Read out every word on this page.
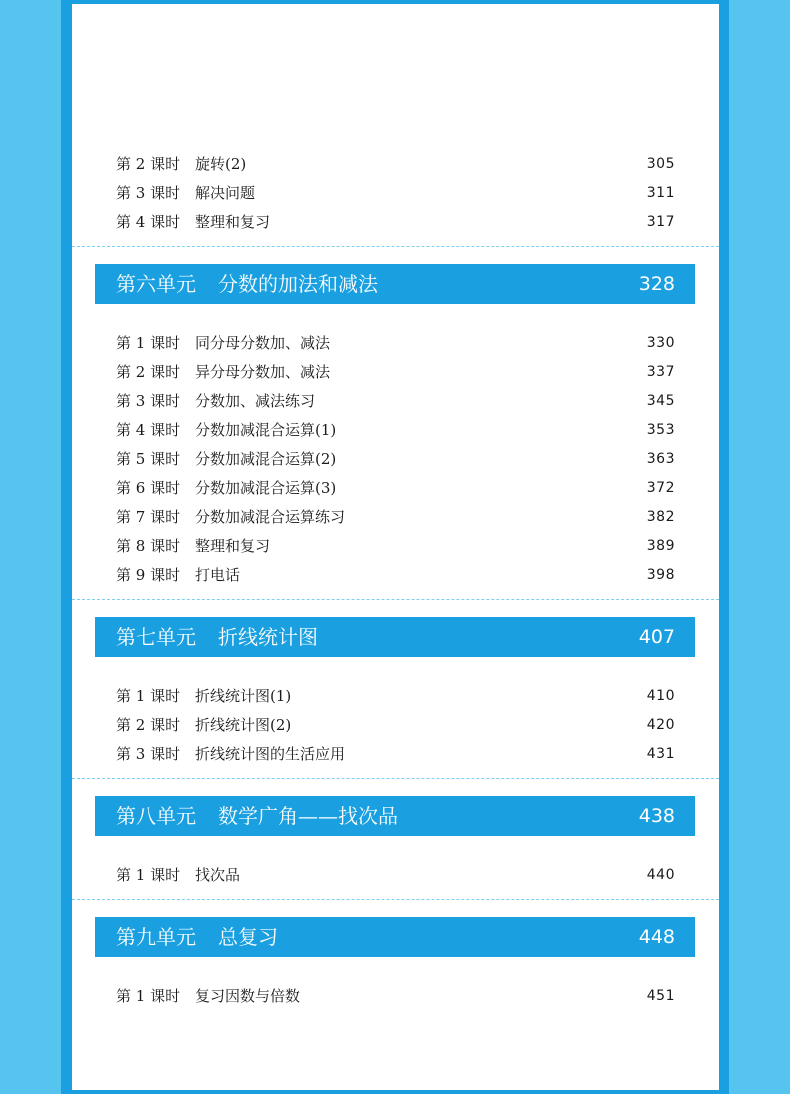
第 2 课时 旋转(2)	305
第 3 课时 解决问题	311
第 4 课时 整理和复习	317
第六单元 分数的加法和减法	328
第 1 课时 同分母分数加、减法	330
第 2 课时 异分母分数加、减法	337
第 3 课时 分数加、减法练习	345
第 4 课时 分数加减混合运算(1)	353
第 5 课时 分数加减混合运算(2)	363
第 6 课时 分数加减混合运算(3)	372
第 7 课时 分数加减混合运算练习	382
第 8 课时 整理和复习	389
第 9 课时 打电话	398
第七单元 折线统计图	407
第 1 课时 折线统计图(1)	410
第 2 课时 折线统计图(2)	420
第 3 课时 折线统计图的生活应用	431
第八单元 数学广角——找次品	438
第 1 课时 找次品	440
第九单元 总复习	448
第 1 课时 复习因数与倍数	451
